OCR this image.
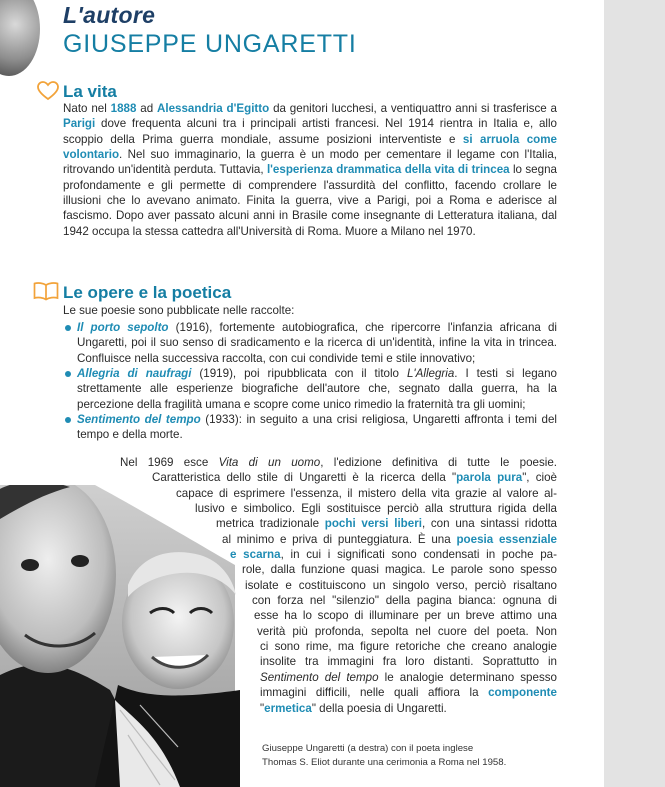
L'autore
GIUSEPPE UNGARETTI
La vita

Nato nel 1888 ad Alessandria d'Egitto da genitori lucchesi, a ventiquattro anni si trasferisce a Parigi dove frequenta alcuni tra i principali artisti francesi. Nel 1914 rientra in Italia e, allo scoppio della Prima guerra mondiale, assume posizioni interventiste e si arruola come volontario. Nel suo immaginario, la guerra è un modo per cementare il legame con l'Italia, ritrovando un'identità perduta. Tuttavia, l'esperienza drammatica della vita di trincea lo segna profondamente e gli permette di comprendere l'assurdità del conflitto, facendo crollare le illusioni che lo avevano animato. Finita la guerra, vive a Parigi, poi a Roma e aderisce al fascismo. Dopo aver passato alcuni anni in Brasile come insegnante di Letteratura italiana, dal 1942 occupa la stessa cattedra all'Università di Roma. Muore a Milano nel 1970.

Le opere e la poetica

Le sue poesie sono pubblicate nelle raccolte:

Il porto sepolto (1916), fortemente autobiografica, che ripercorre l'infanzia africana di Ungaretti, poi il suo senso di sradicamento e la ricerca di un'identità, infine la vita in trincea. Confluisce nella successiva raccolta, con cui condivide temi e stile innovativo;
Allegria di naufragi (1919), poi ripubblicata con il titolo L'Allegria. I testi si legano strettamente alle esperienze biografiche dell'autore che, segnato dalla guerra, ha la percezione della fragilità umana e scopre come unico rimedio la fraternità tra gli uomini;
Sentimento del tempo (1933): in seguito a una crisi religiosa, Ungaretti affronta i temi del tempo e della morte.
Nel 1969 esce Vita di un uomo, l'edizione definitiva di tutte le poesie.
Caratteristica dello stile di Ungaretti è la ricerca della "parola pura", cioè
capace di esprimere l'essenza, il mistero della vita grazie al valore al-
lusivo e simbolico. Egli sostituisce perciò alla struttura rigida della
metrica tradizionale pochi versi liberi, con una sintassi ridotta
al minimo e priva di punteggiatura. È una poesia essenziale
e scarna, in cui i significati sono condensati in poche pa-
role, dalla funzione quasi magica. Le parole sono spesso
isolate e costituiscono un singolo verso, perciò risaltano
con forza nel "silenzio" della pagina bianca: ognuna di
esse ha lo scopo di illuminare per un breve attimo una
verità più profonda, sepolta nel cuore del poeta. Non
ci sono rime, ma figure retoriche che creano analogie
insolite tra immagini fra loro distanti. Soprattutto in
Sentimento del tempo le analogie determinano spesso
immagini difficili, nelle quali affiora la componente
"ermetica" della poesia di Ungaretti.
Giuseppe Ungaretti (a destra) con il poeta inglese
Thomas S. Eliot durante una cerimonia a Roma nel 1958.
